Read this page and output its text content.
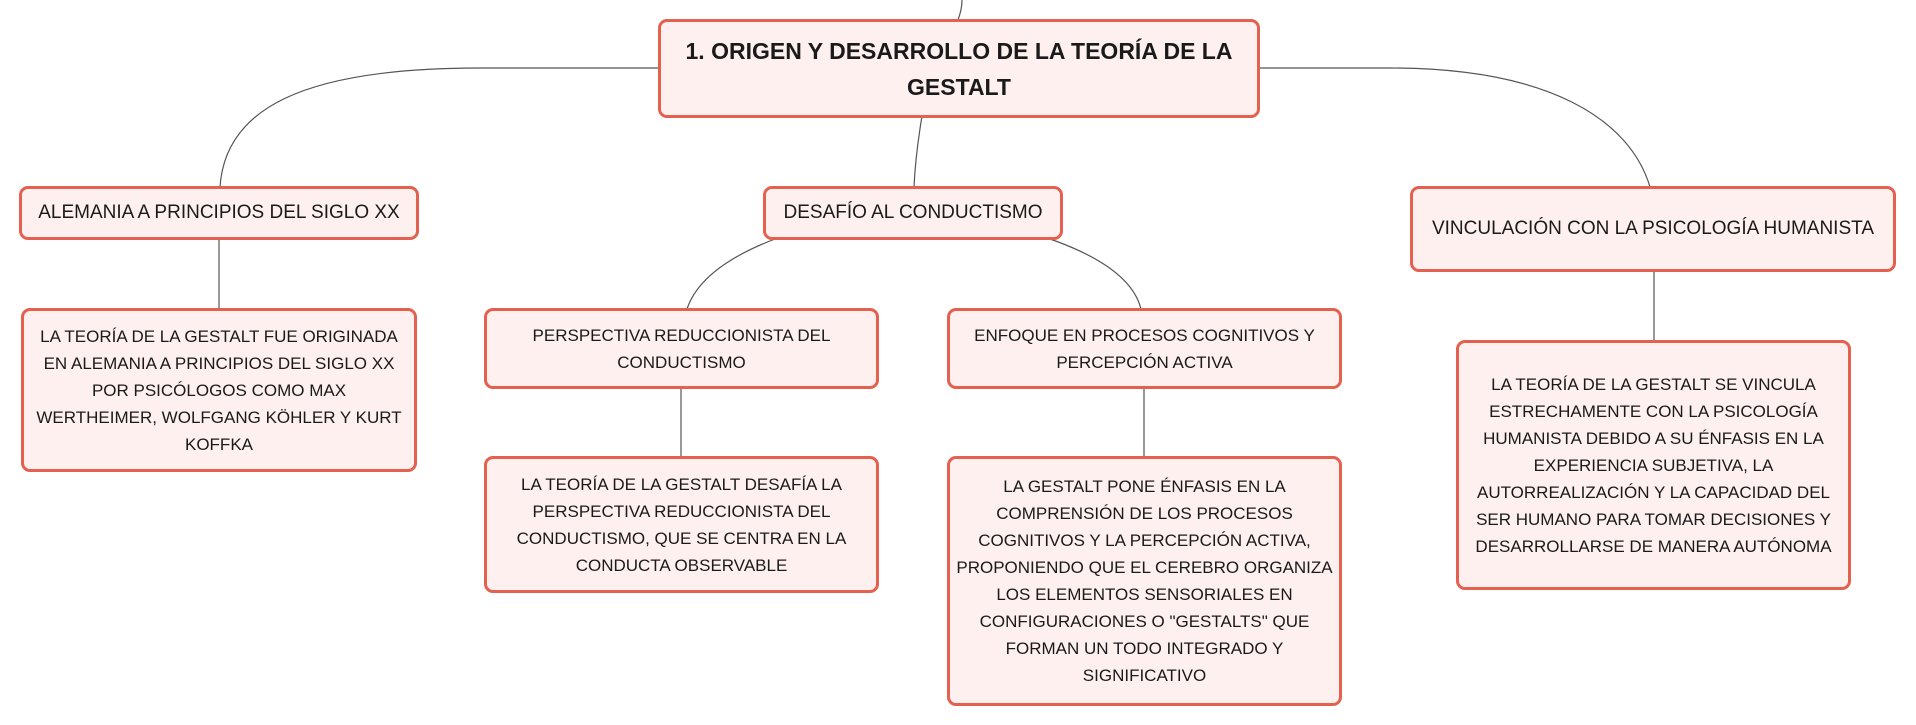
1. ORIGEN Y DESARROLLO DE LA TEORÍA DE LA GESTALT
ALEMANIA A PRINCIPIOS DEL SIGLO XX
LA TEORÍA DE LA GESTALT FUE ORIGINADA EN ALEMANIA A PRINCIPIOS DEL SIGLO XX POR PSICÓLOGOS COMO MAX WERTHEIMER, WOLFGANG KÖHLER Y KURT KOFFKA
DESAFÍO AL CONDUCTISMO
PERSPECTIVA REDUCCIONISTA DEL CONDUCTISMO
LA TEORÍA DE LA GESTALT DESAFÍA LA PERSPECTIVA REDUCCIONISTA DEL CONDUCTISMO, QUE SE CENTRA EN LA CONDUCTA OBSERVABLE
ENFOQUE EN PROCESOS COGNITIVOS Y PERCEPCIÓN ACTIVA
LA GESTALT PONE ÉNFASIS EN LA COMPRENSIÓN DE LOS PROCESOS COGNITIVOS Y LA PERCEPCIÓN ACTIVA, PROPONIENDO QUE EL CEREBRO ORGANIZA LOS ELEMENTOS SENSORIALES EN CONFIGURACIONES O "GESTALTS" QUE FORMAN UN TODO INTEGRADO Y SIGNIFICATIVO
VINCULACIÓN CON LA PSICOLOGÍA HUMANISTA
LA TEORÍA DE LA GESTALT SE VINCULA ESTRECHAMENTE CON LA PSICOLOGÍA HUMANISTA DEBIDO A SU ÉNFASIS EN LA EXPERIENCIA SUBJETIVA, LA AUTORREALIZACIÓN Y LA CAPACIDAD DEL SER HUMANO PARA TOMAR DECISIONES Y DESARROLLARSE DE MANERA AUTÓNOMA
